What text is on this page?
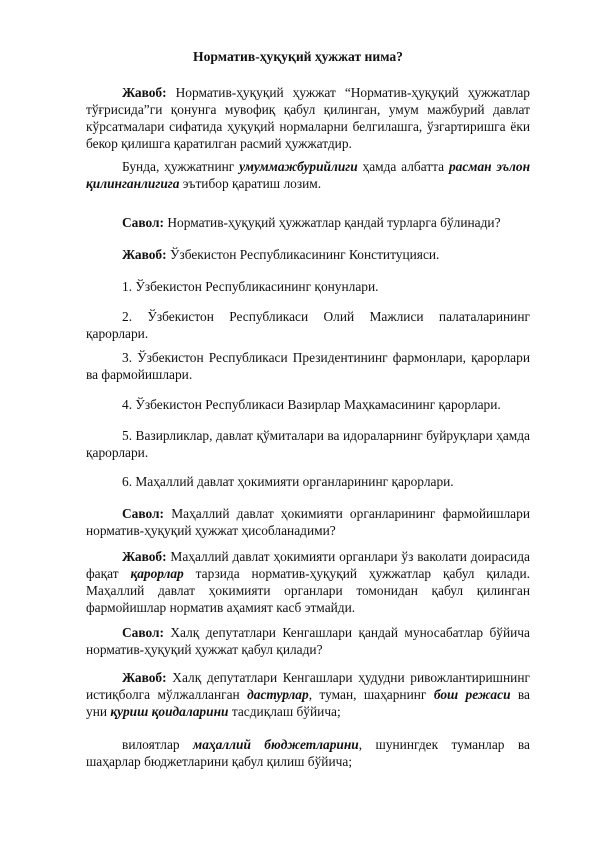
Норматив-ҳуқуқий ҳужжат нима?
Жавоб: Норматив-ҳуқуқий ҳужжат “Норматив-ҳуқуқий ҳужжатлар
тўғрисида”ги қонунга мувофиқ қабул қилинган, умум мажбурий давлат кўрсатмалари сифатида ҳуқуқий нормаларни белгилашга, ўзгартиришга ёки бекор қилишга қаратилган расмий ҳужжатдир.
Бунда, ҳужжатнинг умуммажбурийлиги ҳамда албатта расман эълон
қилинганлигига эътибор қаратиш лозим.
Савол: Норматив-ҳуқуқий ҳужжатлар қандай турларга бўлинади?
Жавоб: Ўзбекистон Республикасининг Конституцияси.
1. Ўзбекистон Республикасининг қонунлари.
2. Ўзбекистон Республикаси Олий Мажлиси палаталарининг
қарорлари.
3. Ўзбекистон Республикаси Президентининг фармонлари, қарорлари
ва фармойишлари.
4. Ўзбекистон Республикаси Вазирлар Маҳкамасининг қарорлари.
5. Вазирликлар, давлат қўмиталари ва идораларнинг буйруқлари ҳамда
қарорлари.
6. Маҳаллий давлат ҳокимияти органларининг қарорлари.
Савол: Маҳаллий давлат ҳокимияти органларининг фармойишлари
норматив-ҳуқуқий ҳужжат ҳисобланадими?
Жавоб: Маҳаллий давлат ҳокимияти органлари ўз ваколати доирасида
фақат қарорлар тарзида норматив-ҳуқуқий ҳужжатлар қабул қилади. Маҳаллий давлат ҳокимияти органлари томонидан қабул қилинган фармойишлар норматив аҳамият касб этмайди.
Савол: Халқ депутатлари Кенгашлари қандай муносабатлар бўйича
норматив-ҳуқуқий ҳужжат қабул қилади?
Жавоб: Халқ депутатлари Кенгашлари ҳудудни ривожлантиришнинг
истиқболга мўлжалланган дастурлар, туман, шаҳарнинг бош режаси ва
уни қуриш қоидаларини тасдиқлаш бўйича;
вилоятлар маҳаллий бюджетларини, шунингдек туманлар ва
шаҳарлар бюджетларини қабул қилиш бўйича;
